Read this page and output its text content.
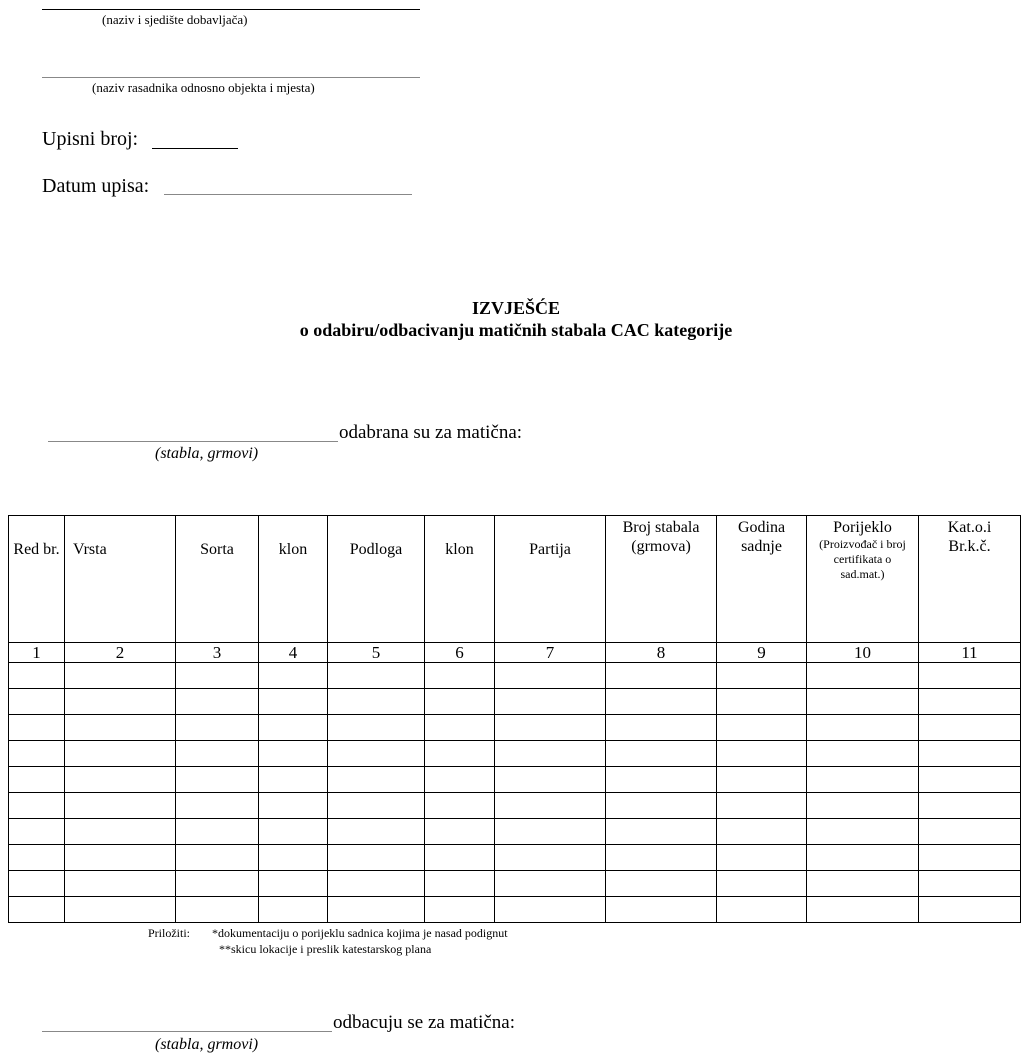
(naziv i sjedište dobavljača)
(naziv rasadnika odnosno objekta i mjesta)
Upisni broj:
Datum upisa:
IZVJEŠĆE
o odabiru/odbacivanju matičnih stabala CAC kategorije
odabrana su za matična:
(stabla, grmovi)
Red br.	Vrsta	Sorta	klon	Podloga	klon	Partija	Broj stabala (grmova)	Godina sadnje	Porijeklo
(Proizvođač i broj certifikata o sad.mat.)	Kat.o.i Br.k.č.

1	2	3	4	5	6	7	8	9	10	11

Priložiti: *dokumentaciju o porijeklu sadnica kojima je nasad podignut
**skicu lokacije i preslik katestarskog plana
odbacuju se za matična:
(stabla, grmovi)
